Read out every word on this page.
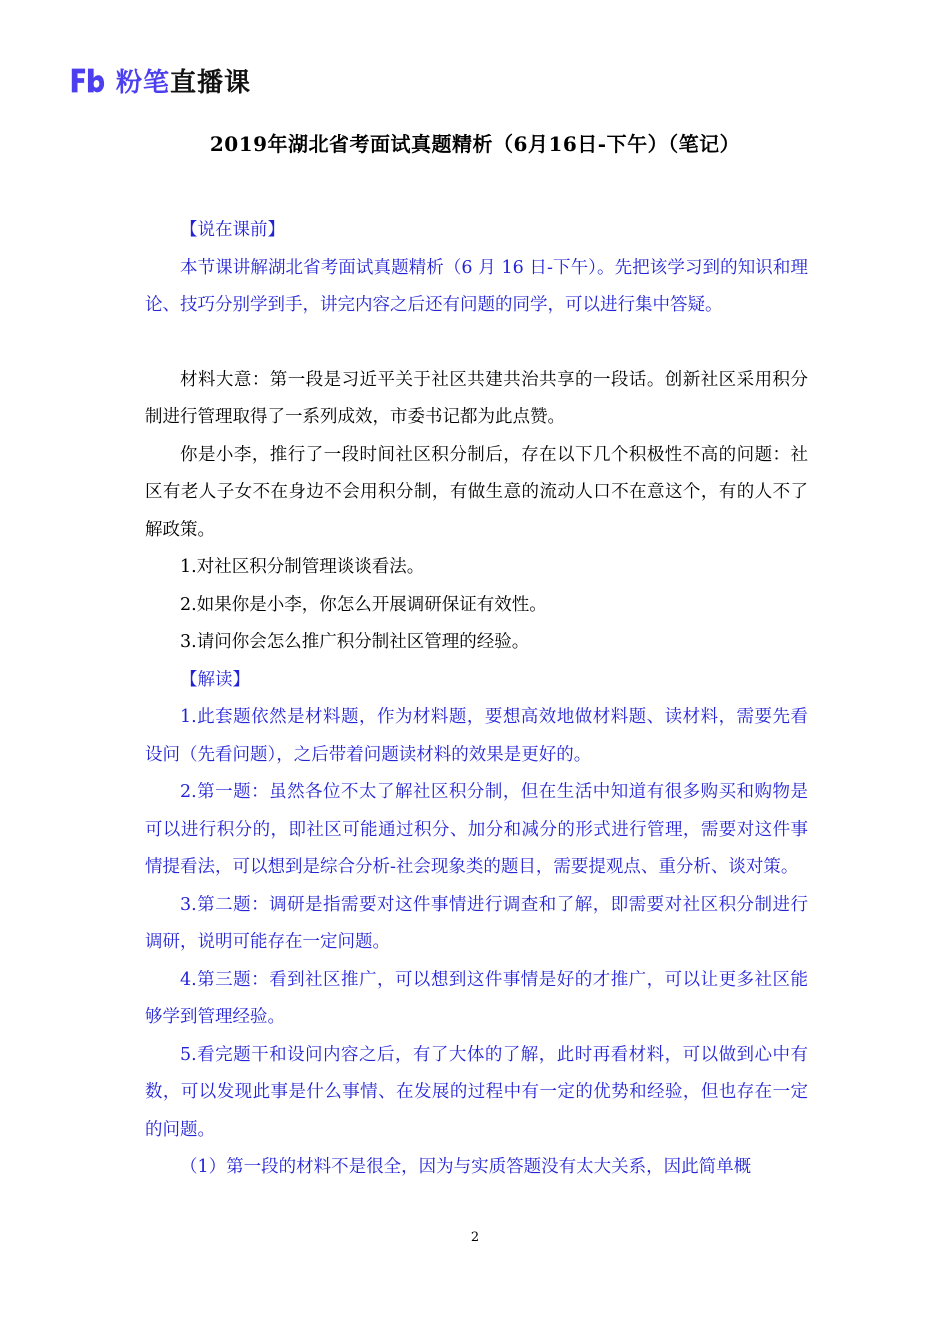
粉笔直播课
2019年湖北省考面试真题精析（6月16日-下午）（笔记）

【说在课前】

本节课讲解湖北省考面试真题精析（6 月 16 日-下午）。先把该学习到的知识和理论、技巧分别学到手，讲完内容之后还有问题的同学，可以进行集中答疑。

材料大意：第一段是习近平关于社区共建共治共享的一段话。创新社区采用积分制进行管理取得了一系列成效，市委书记都为此点赞。

你是小李，推行了一段时间社区积分制后，存在以下几个积极性不高的问题：社区有老人子女不在身边不会用积分制，有做生意的流动人口不在意这个，有的人不了解政策。

1.对社区积分制管理谈谈看法。

2.如果你是小李，你怎么开展调研保证有效性。

3.请问你会怎么推广积分制社区管理的经验。

【解读】

1.此套题依然是材料题，作为材料题，要想高效地做材料题、读材料，需要先看设问（先看问题），之后带着问题读材料的效果是更好的。

2.第一题：虽然各位不太了解社区积分制，但在生活中知道有很多购买和购物是可以进行积分的，即社区可能通过积分、加分和减分的形式进行管理，需要对这件事情提看法，可以想到是综合分析-社会现象类的题目，需要提观点、重分析、谈对策。

3.第二题：调研是指需要对这件事情进行调查和了解，即需要对社区积分制进行调研，说明可能存在一定问题。

4.第三题：看到社区推广，可以想到这件事情是好的才推广，可以让更多社区能够学到管理经验。

5.看完题干和设问内容之后，有了大体的了解，此时再看材料，可以做到心中有数，可以发现此事是什么事情、在发展的过程中有一定的优势和经验，但也存在一定的问题。

（1）第一段的材料不是很全，因为与实质答题没有太大关系，因此简单概

2
